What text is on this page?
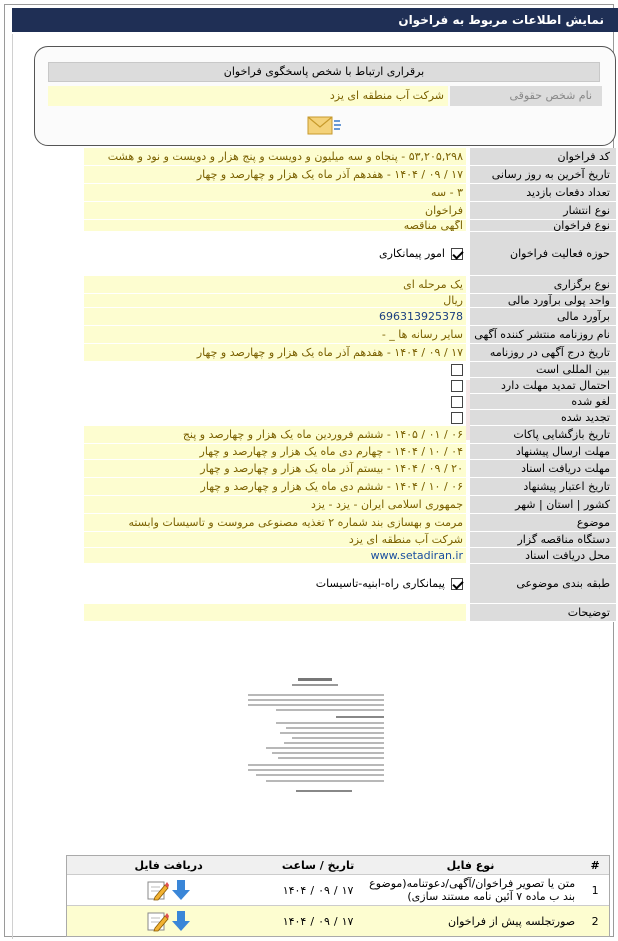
نمایش اطلاعات مربوط به فراخوان
برقراری ارتباط با شخص پاسخگوی فراخوان
نام شخص حقوقی
شرکت آب منطقه ای یزد
کد فراخوان
۵۳,۲۰۵,۲۹۸ - پنجاه و سه میلیون و دویست و پنج هزار و دویست و نود و هشت
تاریخ آخرین به روز رسانی
۱۷ / ۰۹ / ۱۴۰۴ - هفدهم آذر ماه یک هزار و چهارصد و چهار
تعداد دفعات بازدید
۳ - سه
نوع انتشار
فراخوان
نوع فراخوان
آگهی مناقصه
حوزه فعالیت فراخوان
امور پیمانکاری
نوع برگزاری
یک مرحله ای
واحد پولی برآورد مالی
ریال
برآورد مالی
696313925378
نام روزنامه منتشر کننده آگهی
سایر رسانه ها _ -
تاریخ درج آگهی در روزنامه
۱۷ / ۰۹ / ۱۴۰۴ - هفدهم آذر ماه یک هزار و چهارصد و چهار
بین المللی است
احتمال تمدید مهلت دارد
لغو شده
تجدید شده
تاریخ بازگشایی پاکات
۰۶ / ۰۱ / ۱۴۰۵ - ششم فروردین ماه یک هزار و چهارصد و پنج
مهلت ارسال پیشنهاد
۰۴ / ۱۰ / ۱۴۰۴ - چهارم دی ماه یک هزار و چهارصد و چهار
مهلت دریافت اسناد
۲۰ / ۰۹ / ۱۴۰۴ - بیستم آذر ماه یک هزار و چهارصد و چهار
تاریخ اعتبار پیشنهاد
۰۶ / ۱۰ / ۱۴۰۴ - ششم دی ماه یک هزار و چهارصد و چهار
کشور | استان | شهر
جمهوری اسلامی ایران - یزد - یزد
موضوع
مرمت و بهسازی بند شماره ۲ تغذیه مصنوعی مروست و تاسیسات وابسته
دستگاه مناقصه گزار
شرکت آب منطقه ای یزد
محل دریافت اسناد
www.setadiran.ir
طبقه بندی موضوعی
پیمانکاری راه-ابنیه-تاسیسات
توضیحات
#
نوع فایل
تاریخ / ساعت
دریافت فایل
1
متن یا تصویر فراخوان/آگهی/دعوتنامه(موضوع بند ب ماده ۷ آئین نامه مستند سازی)
۱۴۰۴ / ۰۹ / ۱۷
2
صورتجلسه پیش از فراخوان
۱۴۰۴ / ۰۹ / ۱۷
